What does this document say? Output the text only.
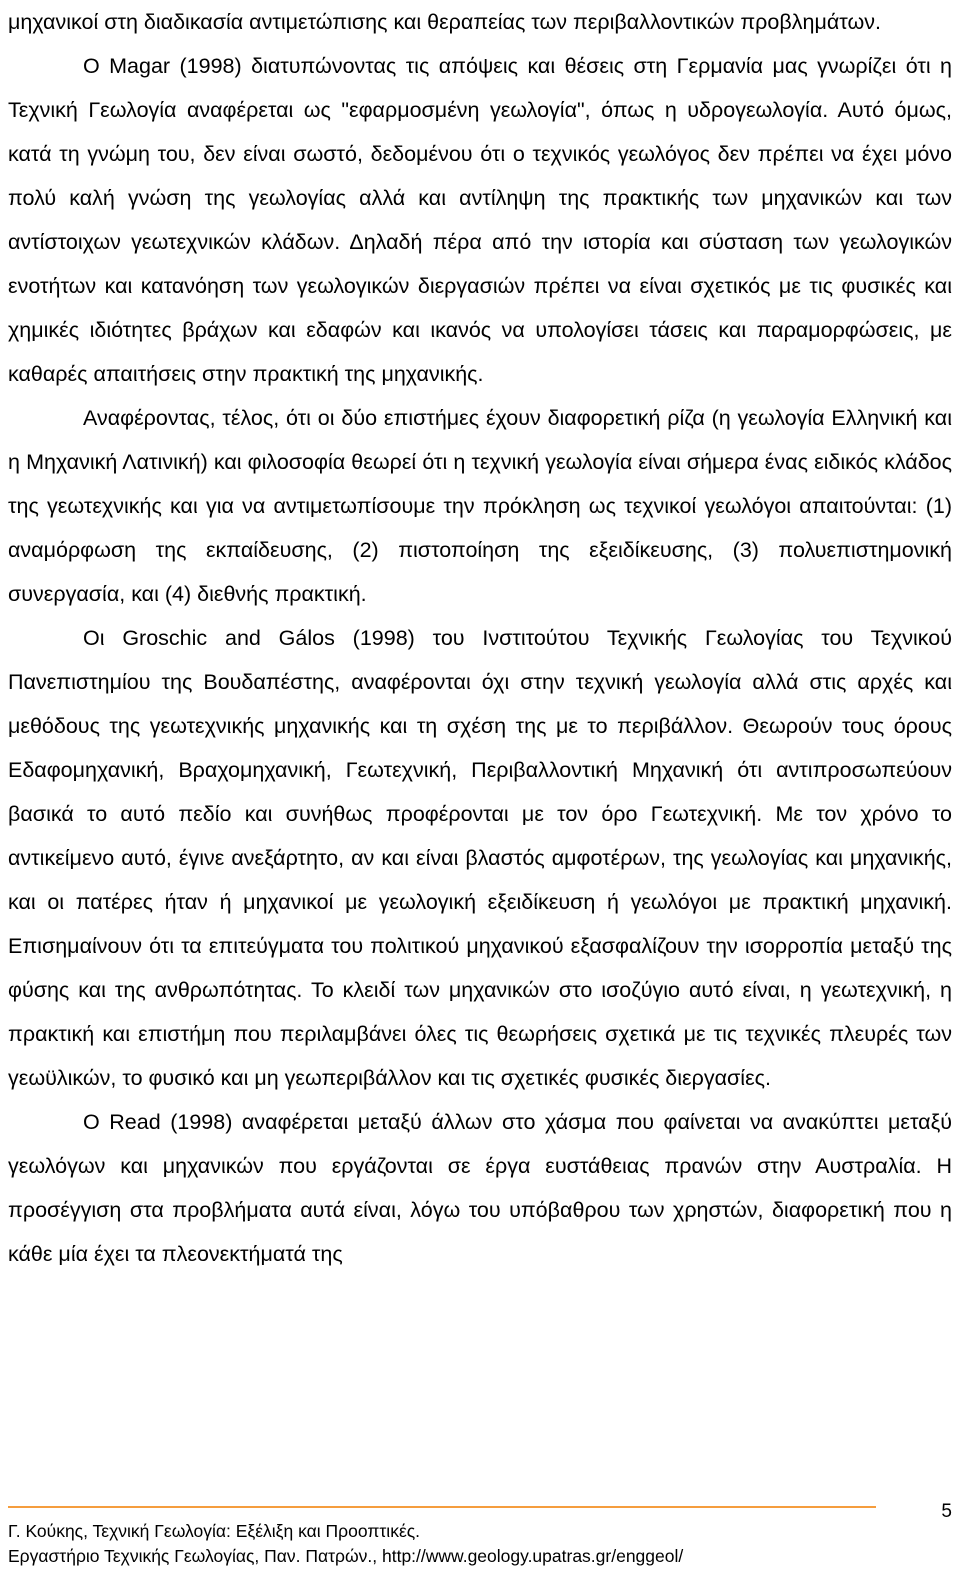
μηχανικοί στη διαδικασία αντιμετώπισης και θεραπείας των περιβαλλοντικών προβλημάτων.

Ο Magar (1998) διατυπώνοντας τις απόψεις και θέσεις στη Γερμανία μας γνωρίζει ότι η Τεχνική Γεωλογία αναφέρεται ως "εφαρμοσμένη γεωλογία", όπως η υδρογεωλογία. Αυτό όμως, κατά τη γνώμη του, δεν είναι σωστό, δεδομένου ότι ο τεχνικός γεωλόγος δεν πρέπει να έχει μόνο πολύ καλή γνώση της γεωλογίας αλλά και αντίληψη της πρακτικής των μηχανικών και των αντίστοιχων γεωτεχνικών κλάδων. Δηλαδή πέρα από την ιστορία και σύσταση των γεωλογικών ενοτήτων και κατανόηση των γεωλογικών διεργασιών πρέπει να είναι σχετικός με τις φυσικές και χημικές ιδιότητες βράχων και εδαφών και ικανός να υπολογίσει τάσεις και παραμορφώσεις, με καθαρές απαιτήσεις στην πρακτική της μηχανικής.

Αναφέροντας, τέλος, ότι οι δύο επιστήμες έχουν διαφορετική ρίζα (η γεωλογία Ελληνική και η Μηχανική Λατινική) και φιλοσοφία θεωρεί ότι η τεχνική γεωλογία είναι σήμερα ένας ειδικός κλάδος της γεωτεχνικής και για να αντιμετωπίσουμε την πρόκληση ως τεχνικοί γεωλόγοι απαιτούνται: (1) αναμόρφωση της εκπαίδευσης, (2) πιστοποίηση της εξειδίκευσης, (3) πολυεπιστημονική συνεργασία, και (4) διεθνής πρακτική.

Οι Groschic and Gálos (1998) του Ινστιτούτου Τεχνικής Γεωλογίας του Τεχνικού Πανεπιστημίου της Βουδαπέστης, αναφέρονται όχι στην τεχνική γεωλογία αλλά στις αρχές και μεθόδους της γεωτεχνικής μηχανικής και τη σχέση της με το περιβάλλον. Θεωρούν τους όρους Εδαφομηχανική, Βραχομηχανική, Γεωτεχνική, Περιβαλλοντική Μηχανική ότι αντιπροσωπεύουν βασικά το αυτό πεδίο και συνήθως προφέρονται με τον όρο Γεωτεχνική. Με τον χρόνο το αντικείμενο αυτό, έγινε ανεξάρτητο, αν και είναι βλαστός αμφοτέρων, της γεωλογίας και μηχανικής, και οι πατέρες ήταν ή μηχανικοί με γεωλογική εξειδίκευση ή γεωλόγοι με πρακτική μηχανική. Επισημαίνουν ότι τα επιτεύγματα του πολιτικού μηχανικού εξασφαλίζουν την ισορροπία μεταξύ της φύσης και της ανθρωπότητας. Το κλειδί των μηχανικών στο ισοζύγιο αυτό είναι, η γεωτεχνική, η πρακτική και επιστήμη που περιλαμβάνει όλες τις θεωρήσεις σχετικά με τις τεχνικές πλευρές των γεωϋλικών, το φυσικό και μη γεωπεριβάλλον και τις σχετικές φυσικές διεργασίες.

Ο Read (1998) αναφέρεται μεταξύ άλλων στο χάσμα που φαίνεται να ανακύπτει μεταξύ γεωλόγων και μηχανικών που εργάζονται σε έργα ευστάθειας πρανών στην Αυστραλία. Η προσέγγιση στα προβλήματα αυτά είναι, λόγω του υπόβαθρου των χρηστών, διαφορετική που η κάθε μία έχει τα πλεονεκτήματά της

5
Γ. Κούκης, Τεχνική Γεωλογία: Εξέλιξη και Προοπτικές.
Εργαστήριο Τεχνικής Γεωλογίας, Παν. Πατρών., http://www.geology.upatras.gr/enggeol/
